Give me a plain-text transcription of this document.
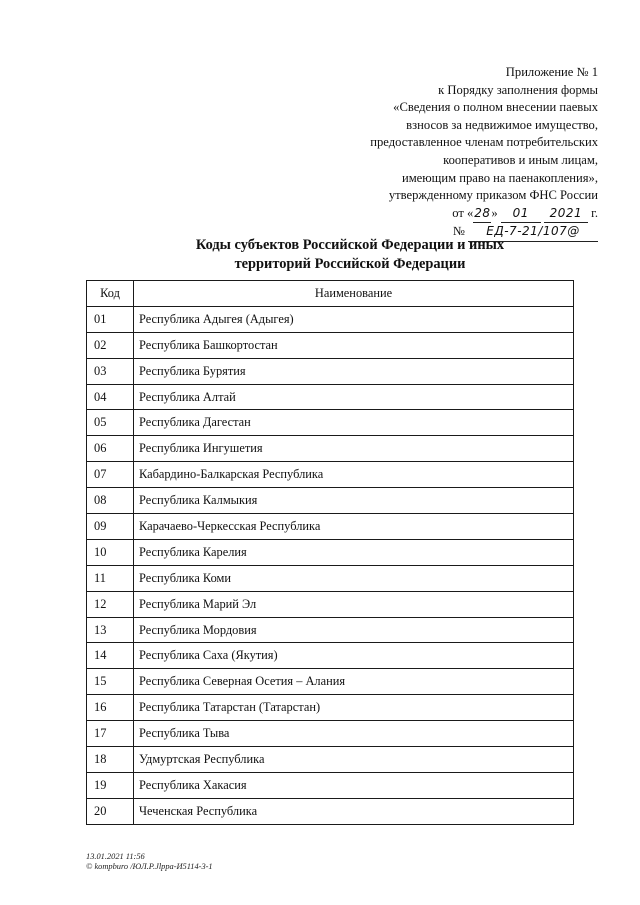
Приложение № 1
к Порядку заполнения формы
«Сведения о полном внесении паевых
взносов за недвижимое имущество,
предоставленное членам потребительских
кооперативов и иным лицам,
имеющим право на паенакопления»,
утвержденному приказом ФНС России
от «28» 01 2021 г.
№ ЕД-7-21/107@
Коды субъектов Российской Федерации и иных
территорий Российской Федерации
Код	Наименование
01	Республика Адыгея (Адыгея)
02	Республика Башкортостан
03	Республика Бурятия
04	Республика Алтай
05	Республика Дагестан
06	Республика Ингушетия
07	Кабардино-Балкарская Республика
08	Республика Калмыкия
09	Карачаево-Черкесская Республика
10	Республика Карелия
11	Республика Коми
12	Республика Марий Эл
13	Республика Мордовия
14	Республика Саха (Якутия)
15	Республика Северная Осетия – Алания
16	Республика Татарстан (Татарстан)
17	Республика Тыва
18	Удмуртская Республика
19	Республика Хакасия
20	Чеченская Республика
13.01.2021 11:56
© kompburo /ЮЛ.Р.Jlppa-И5114-3-1
